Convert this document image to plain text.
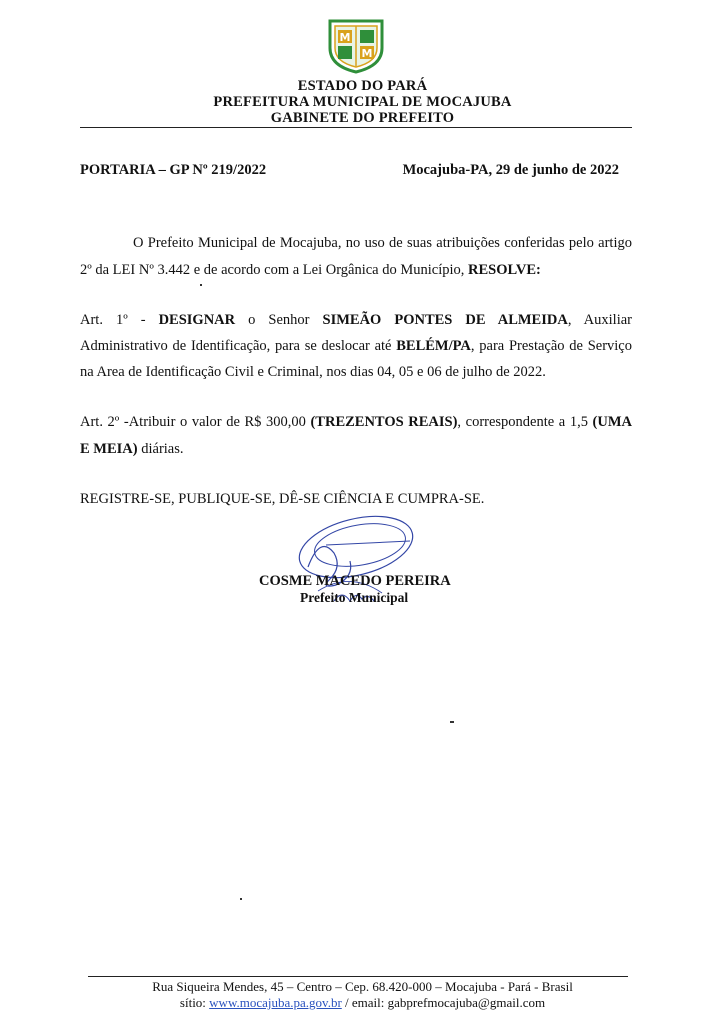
M
M
ESTADO DO PARÁ
PREFEITURA MUNICIPAL DE MOCAJUBA
GABINETE DO PREFEITO
PORTARIA – GP Nº 219/2022	Mocajuba-PA, 29 de junho de 2022
O Prefeito Municipal de Mocajuba, no uso de suas atribuições conferidas pelo artigo
2º da LEI Nº 3.442 e de acordo com a Lei Orgânica do Município, RESOLVE:
Art. 1º - DESIGNAR o Senhor SIMEÃO PONTES DE ALMEIDA, Auxiliar
Administrativo de Identificação, para se deslocar até BELÉM/PA, para Prestação de Serviço
na Area de Identificação Civil e Criminal, nos dias 04, 05 e 06 de julho de 2022.
Art. 2º -Atribuir o valor de R$ 300,00 (TREZENTOS REAIS), correspondente a 1,5 (UMA
E MEIA) diárias.
REGISTRE-SE, PUBLIQUE-SE, DÊ-SE CIÊNCIA E CUMPRA-SE.
COSME MACEDO PEREIRA
Prefeito Municipal
Rua Siqueira Mendes, 45 – Centro – Cep. 68.420-000 – Mocajuba - Pará - Brasil
sítio: www.mocajuba.pa.gov.br / email: gabprefmocajuba@gmail.com
